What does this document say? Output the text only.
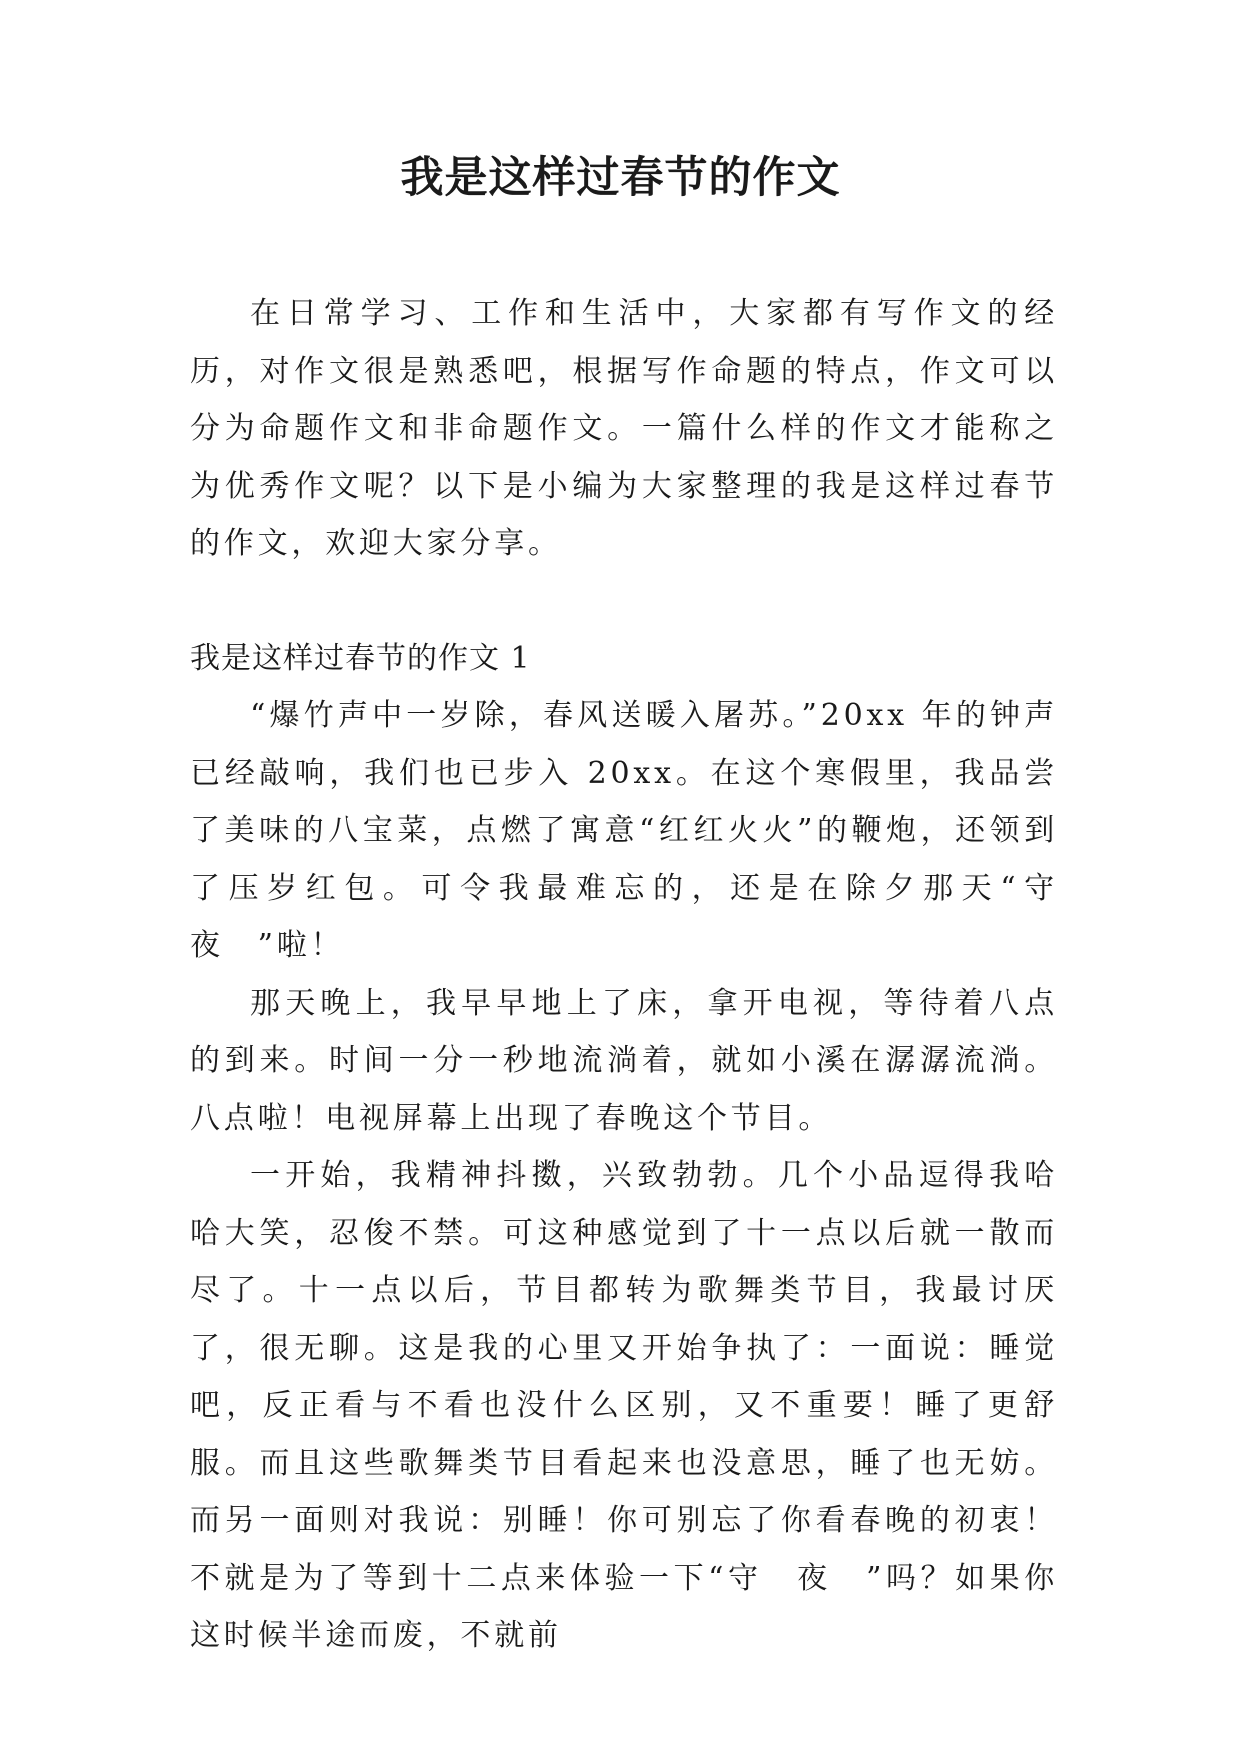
我是这样过春节的作文

在日常学习、工作和生活中，大家都有写作文的经历，对作文很是熟悉吧，根据写作命题的特点，作文可以分为命题作文和非命题作文。一篇什么样的作文才能称之为优秀作文呢？以下是小编为大家整理的我是这样过春节的作文，欢迎大家分享。

我是这样过春节的作文 1

“爆竹声中一岁除，春风送暖入屠苏。”20xx 年的钟声已经敲响，我们也已步入 20xx。在这个寒假里，我品尝了美味的八宝菜，点燃了寓意“红红火火”的鞭炮，还领到了压岁红包。可令我最难忘的，还是在除夕那天“守　夜　”啦！

那天晚上，我早早地上了床，拿开电视，等待着八点的到来。时间一分一秒地流淌着，就如小溪在潺潺流淌。八点啦！电视屏幕上出现了春晚这个节目。

一开始，我精神抖擞，兴致勃勃。几个小品逗得我哈哈大笑，忍俊不禁。可这种感觉到了十一点以后就一散而尽了。十一点以后，节目都转为歌舞类节目，我最讨厌了，很无聊。这是我的心里又开始争执了：一面说：睡觉吧，反正看与不看也没什么区别，又不重要！睡了更舒服。而且这些歌舞类节目看起来也没意思，睡了也无妨。而另一面则对我说：别睡！你可别忘了你看春晚的初衷！不就是为了等到十二点来体验一下“守　夜　”吗？如果你这时候半途而废，不就前
